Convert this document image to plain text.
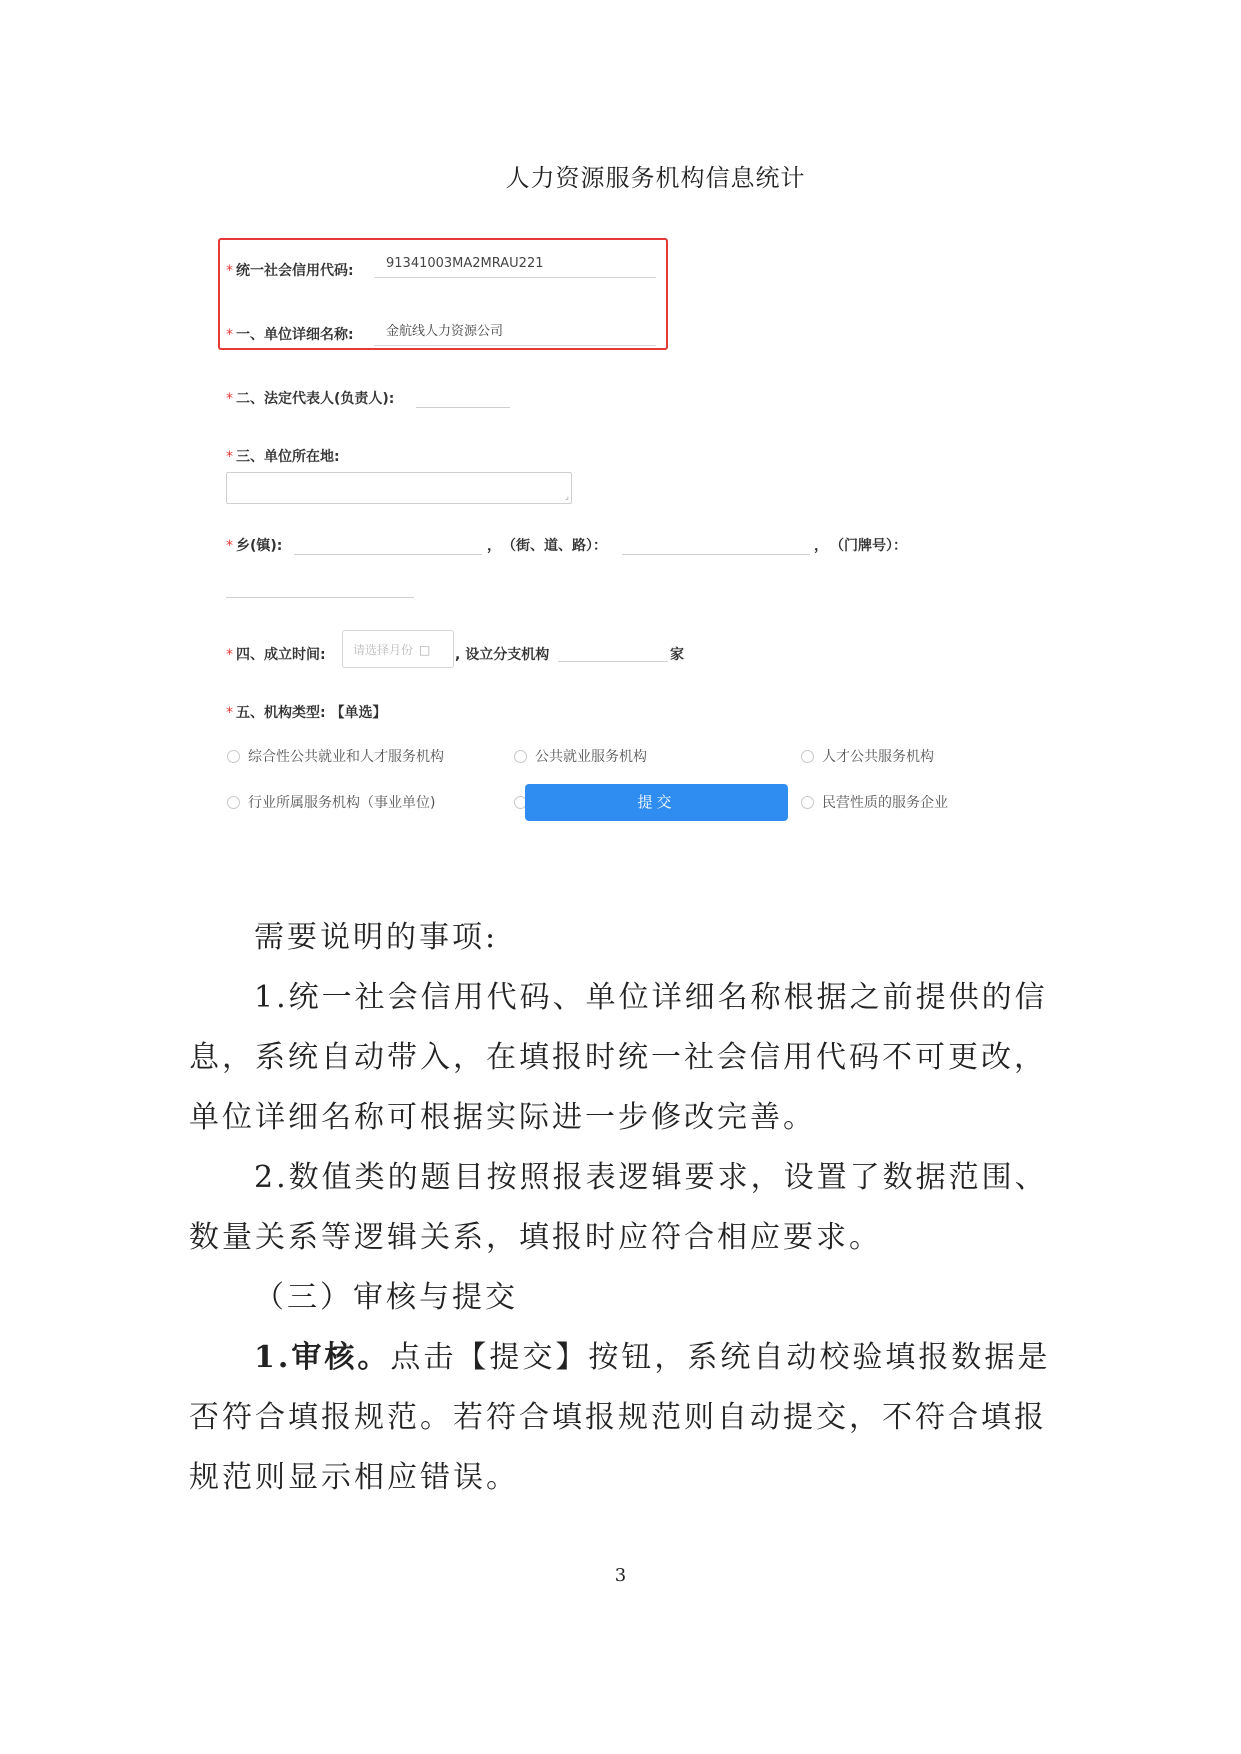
人力资源服务机构信息统计
* 统一社会信用代码:	91341003MA2MRAU221
* 一、单位详细名称:	金航线人力资源公司
* 二、法定代表人(负责人):
* 三、单位所在地:
⌟
* 乡(镇):	， （街、道、路）：	， （门牌号）：
* 四、成立时间:	请选择月份 □	, 设立分支机构	家
* 五、机构类型: 【单选】
综合性公共就业和人才服务机构	公共就业服务机构	人才公共服务机构
行业所属服务机构（事业单位)	民营性质的服务企业
提交
需要说明的事项:
1.统一社会信用代码、单位详细名称根据之前提供的信
息，系统自动带入，在填报时统一社会信用代码不可更改，
单位详细名称可根据实际进一步修改完善。
2.数值类的题目按照报表逻辑要求，设置了数据范围、
数量关系等逻辑关系，填报时应符合相应要求。
（三）审核与提交
1.审核。点击【提交】按钮，系统自动校验填报数据是
否符合填报规范。若符合填报规范则自动提交，不符合填报
规范则显示相应错误。
3
